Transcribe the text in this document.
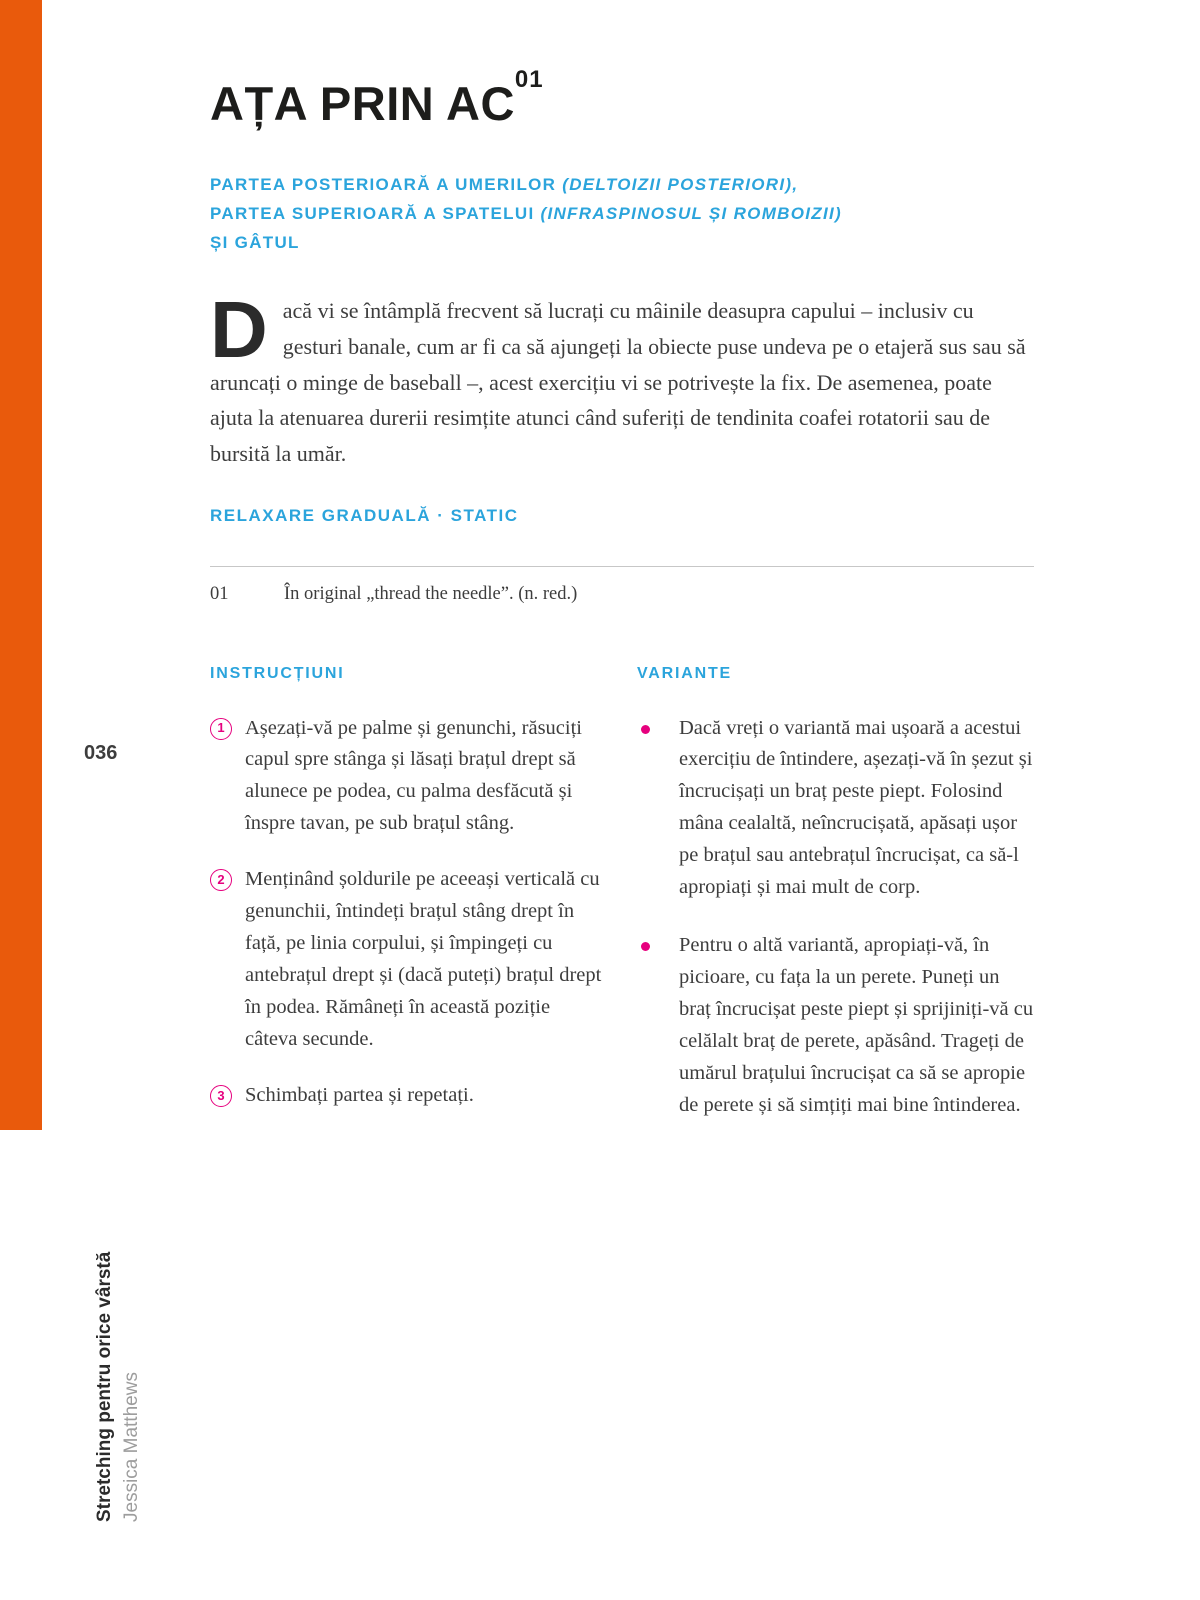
AȚA PRIN AC$^{01}$
PARTEA POSTERIOARĂ A UMERILOR (DELTOIZII POSTERIORI),
PARTEA SUPERIOARĂ A SPATELUI (INFRASPINOSUL ȘI ROMBOIZII)
ȘI GÂTUL

Dacă vi se întâmplă frecvent să lucrați cu mâinile deasupra capului – inclusiv cu gesturi banale, cum ar fi ca să ajungeți la obiecte puse undeva pe o etajeră sus sau să aruncați o minge de baseball –, acest exercițiu vi se potrivește la fix. De asemenea, poate ajuta la atenuarea durerii resimțite atunci când suferiți de tendinita coafei rotatorii sau de bursită la umăr.

RELAXARE GRADUALĂ · STATIC
01	În original „thread the needle”. (n. red.)
INSTRUCȚIUNI
1 Așezați-vă pe palme și genunchi, răsuciți capul spre stânga și lăsați brațul drept să alunece pe podea, cu palma desfăcută și înspre tavan, pe sub brațul stâng.
2 Menținând șoldurile pe aceeași verticală cu genunchii, întindeți brațul stâng drept în față, pe linia corpului, și împingeți cu antebrațul drept și (dacă puteți) brațul drept în podea. Rămâneți în această poziție câteva secunde.
3 Schimbați partea și repetați.
VARIANTE
Dacă vreți o variantă mai ușoară a acestui exercițiu de întindere, așezați-vă în șezut și încrucișați un braț peste piept. Folosind mâna cealaltă, neîncrucișată, apăsați ușor pe brațul sau antebrațul încrucișat, ca să-l apropiați și mai mult de corp.
Pentru o altă variantă, apropiați-vă, în picioare, cu fața la un perete. Puneți un braț încrucișat peste piept și sprijiniți-vă cu celălalt braț de perete, apăsând. Trageți de umărul brațului încrucișat ca să se apropie de perete și să simțiți mai bine întinderea.
036
Stretching pentru orice vârstă Jessica Matthews
